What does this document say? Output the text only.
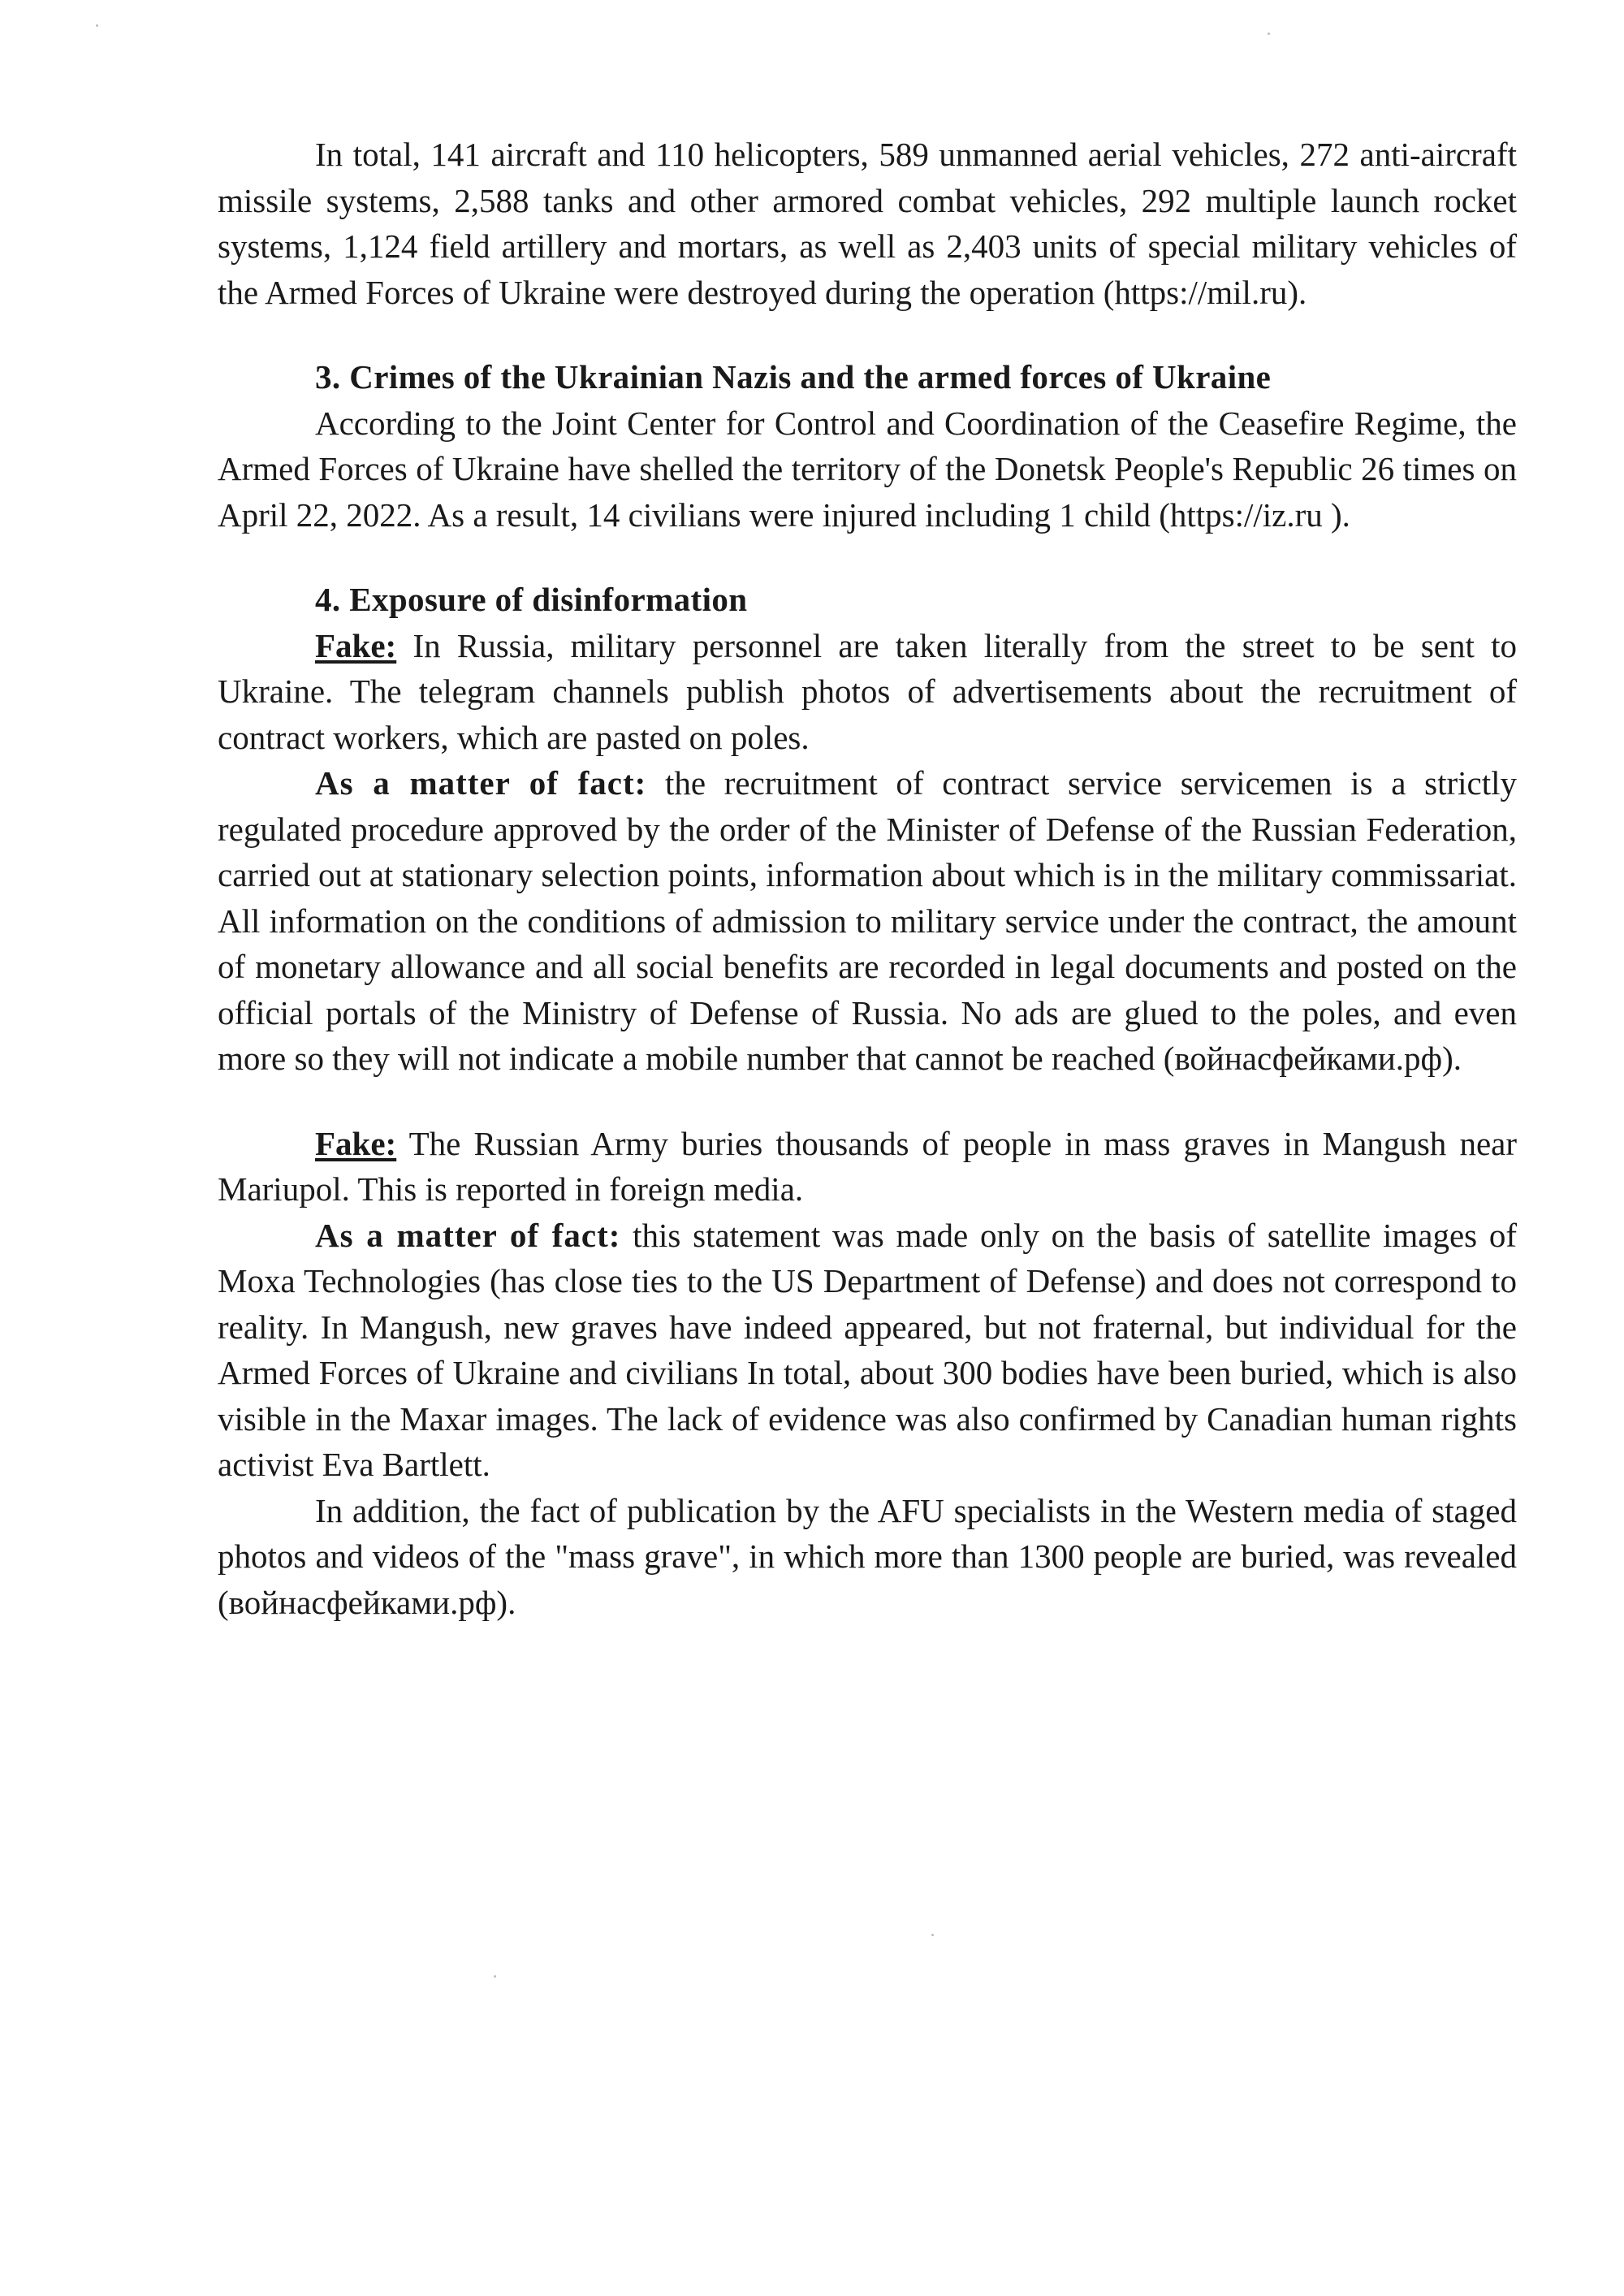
In total, 141 aircraft and 110 helicopters, 589 unmanned aerial vehicles, 272 anti-aircraft missile systems, 2,588 tanks and other armored combat vehicles, 292 multiple launch rocket systems, 1,124 field artillery and mortars, as well as 2,403 units of special military vehicles of the Armed Forces of Ukraine were destroyed during the operation (https://mil.ru).

3. Crimes of the Ukrainian Nazis and the armed forces of Ukraine

According to the Joint Center for Control and Coordination of the Ceasefire Regime, the Armed Forces of Ukraine have shelled the territory of the Donetsk People's Republic 26 times on April 22, 2022. As a result, 14 civilians were injured including 1 child (https://iz.ru ).

4. Exposure of disinformation

Fake: In Russia, military personnel are taken literally from the street to be sent to Ukraine. The telegram channels publish photos of advertisements about the recruitment of contract workers, which are pasted on poles.

As a matter of fact: the recruitment of contract service servicemen is a strictly regulated procedure approved by the order of the Minister of Defense of the Russian Federation, carried out at stationary selection points, information about which is in the military commissariat. All information on the conditions of admission to military service under the contract, the amount of monetary allowance and all social benefits are recorded in legal documents and posted on the official portals of the Ministry of Defense of Russia. No ads are glued to the poles, and even more so they will not indicate a mobile number that cannot be reached (войнасфейками.рф).

Fake: The Russian Army buries thousands of people in mass graves in Mangush near Mariupol. This is reported in foreign media.

As a matter of fact: this statement was made only on the basis of satellite images of Moxa Technologies (has close ties to the US Department of Defense) and does not correspond to reality. In Mangush, new graves have indeed appeared, but not fraternal, but individual for the Armed Forces of Ukraine and civilians In total, about 300 bodies have been buried, which is also visible in the Maxar images. The lack of evidence was also confirmed by Canadian human rights activist Eva Bartlett.

In addition, the fact of publication by the AFU specialists in the Western media of staged photos and videos of the "mass grave", in which more than 1300 people are buried, was revealed (войнасфейками.рф).
